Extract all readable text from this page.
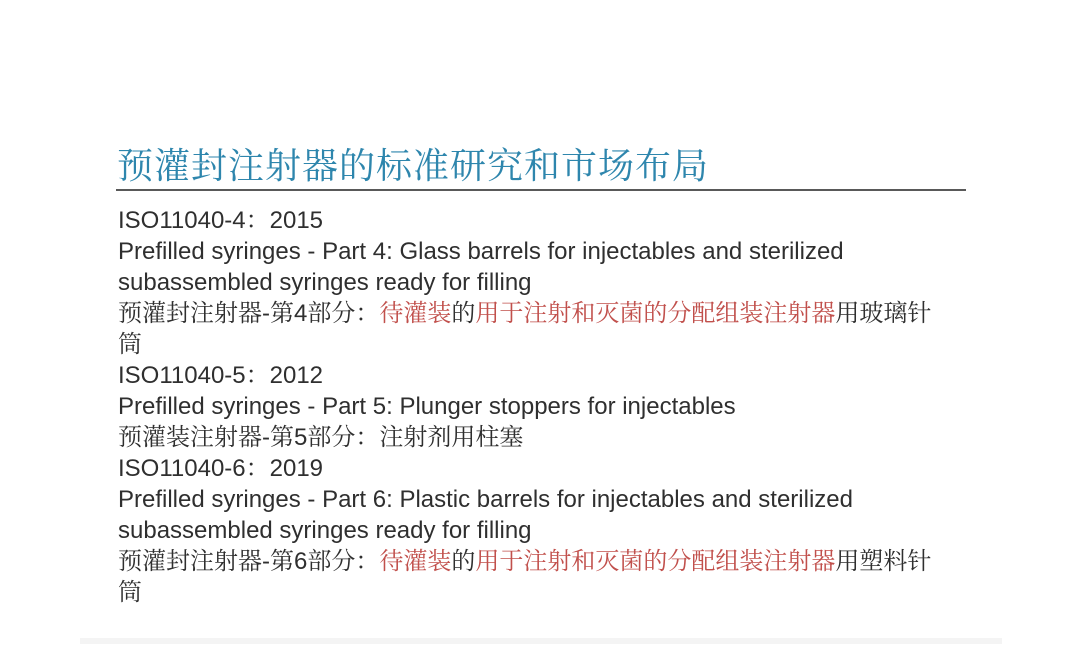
预灌封注射器的标准研究和市场布局
ISO11040-4：2015
Prefilled syringes - Part 4: Glass barrels for injectables and sterilized
subassembled syringes ready for filling
预灌封注射器-第4部分：待灌装的用于注射和灭菌的分配组装注射器用玻璃针
筒
ISO11040-5：2012
Prefilled syringes - Part 5: Plunger stoppers for injectables
预灌装注射器-第5部分：注射剂用柱塞
ISO11040-6：2019
Prefilled syringes - Part 6: Plastic barrels for injectables and sterilized
subassembled syringes ready for filling
预灌封注射器-第6部分：待灌装的用于注射和灭菌的分配组装注射器用塑料针
筒
